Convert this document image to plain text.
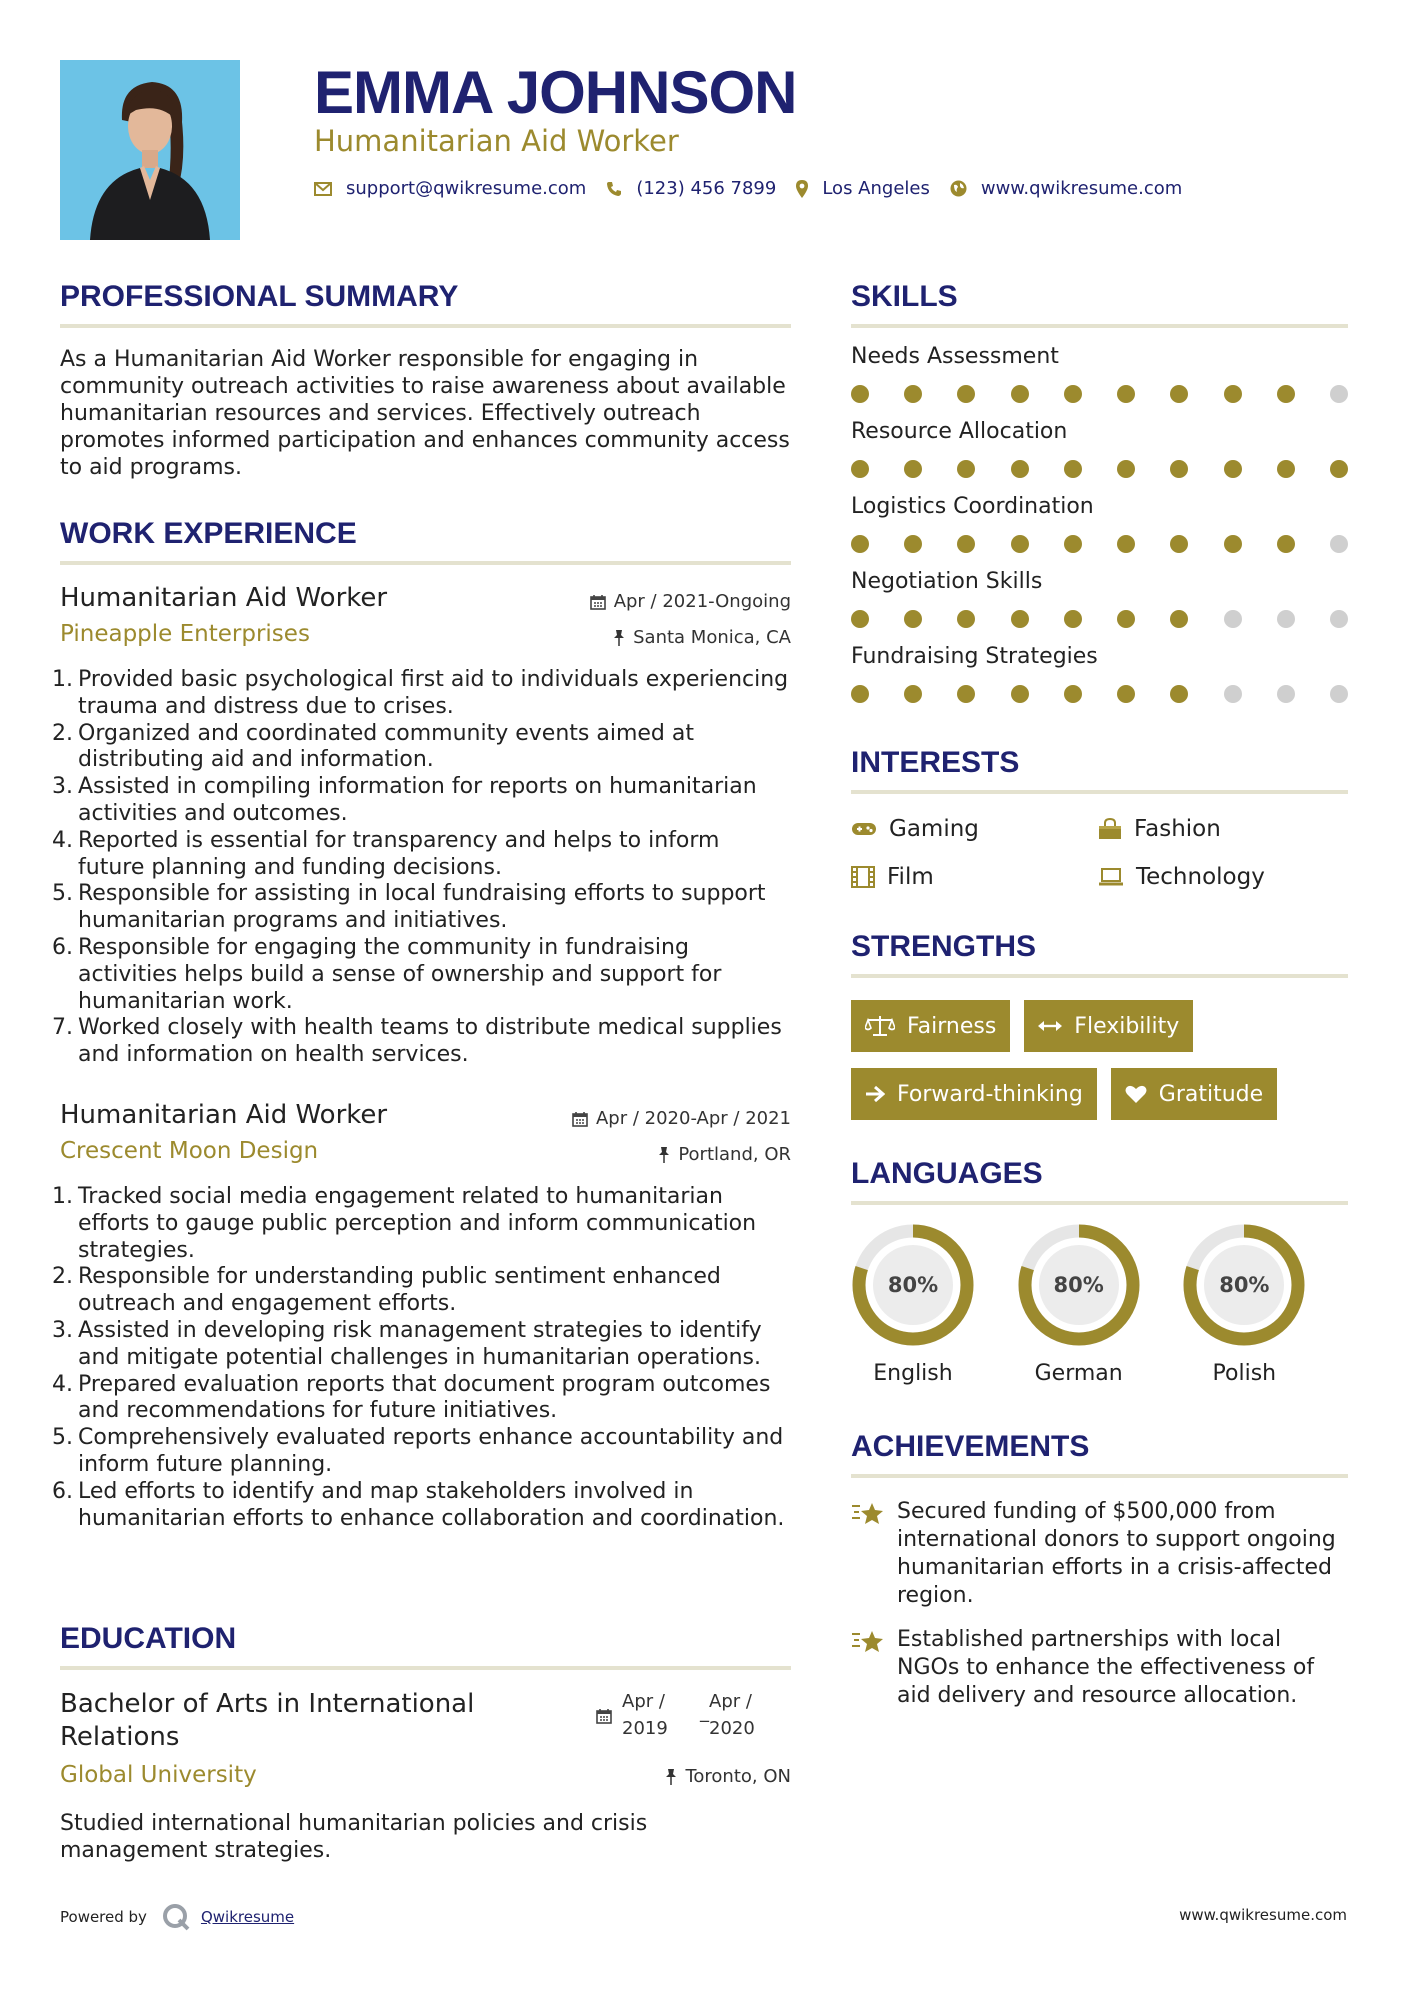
EMMA JOHNSON
Humanitarian Aid Worker
support@qwikresume.com	(123) 456 7899	Los Angeles	www.qwikresume.com
PROFESSIONAL SUMMARY
As a Humanitarian Aid Worker responsible for engaging in community outreach activities to raise awareness about available humanitarian resources and services. Effectively outreach promotes informed participation and enhances community access to aid programs.
WORK EXPERIENCE
Humanitarian Aid Worker	Apr / 2021-Ongoing
Pineapple Enterprises	Santa Monica, CA
1. Provided basic psychological first aid to individuals experiencing trauma and distress due to crises.
2. Organized and coordinated community events aimed at distributing aid and information.
3. Assisted in compiling information for reports on humanitarian activities and outcomes.
4. Reported is essential for transparency and helps to inform future planning and funding decisions.
5. Responsible for assisting in local fundraising efforts to support humanitarian programs and initiatives.
6. Responsible for engaging the community in fundraising activities helps build a sense of ownership and support for humanitarian work.
7. Worked closely with health teams to distribute medical supplies and information on health services.
Humanitarian Aid Worker	Apr / 2020-Apr / 2021
Crescent Moon Design	Portland, OR
1. Tracked social media engagement related to humanitarian efforts to gauge public perception and inform communication strategies.
2. Responsible for understanding public sentiment enhanced outreach and engagement efforts.
3. Assisted in developing risk management strategies to identify and mitigate potential challenges in humanitarian operations.
4. Prepared evaluation reports that document program outcomes and recommendations for future initiatives.
5. Comprehensively evaluated reports enhance accountability and inform future planning.
6. Led efforts to identify and map stakeholders involved in humanitarian efforts to enhance collaboration and coordination.
EDUCATION
Bachelor of Arts in International Relations
Apr /
2019
_
Apr /
2020
Global University	Toronto, ON
Studied international humanitarian policies and crisis management strategies.
SKILLS
Needs Assessment
Resource Allocation
Logistics Coordination
Negotiation Skills
Fundraising Strategies
INTERESTS
Gaming	Fashion
Film	Technology
STRENGTHS
Fairness	Flexibility
Forward-thinking	Gratitude
LANGUAGES
80%
English
80%
German
80%
Polish
ACHIEVEMENTS
Secured funding of $500,000 from international donors to support ongoing humanitarian efforts in a crisis-affected region.
Established partnerships with local NGOs to enhance the effectiveness of aid delivery and resource allocation.
Powered by	Qwikresume	www.qwikresume.com
